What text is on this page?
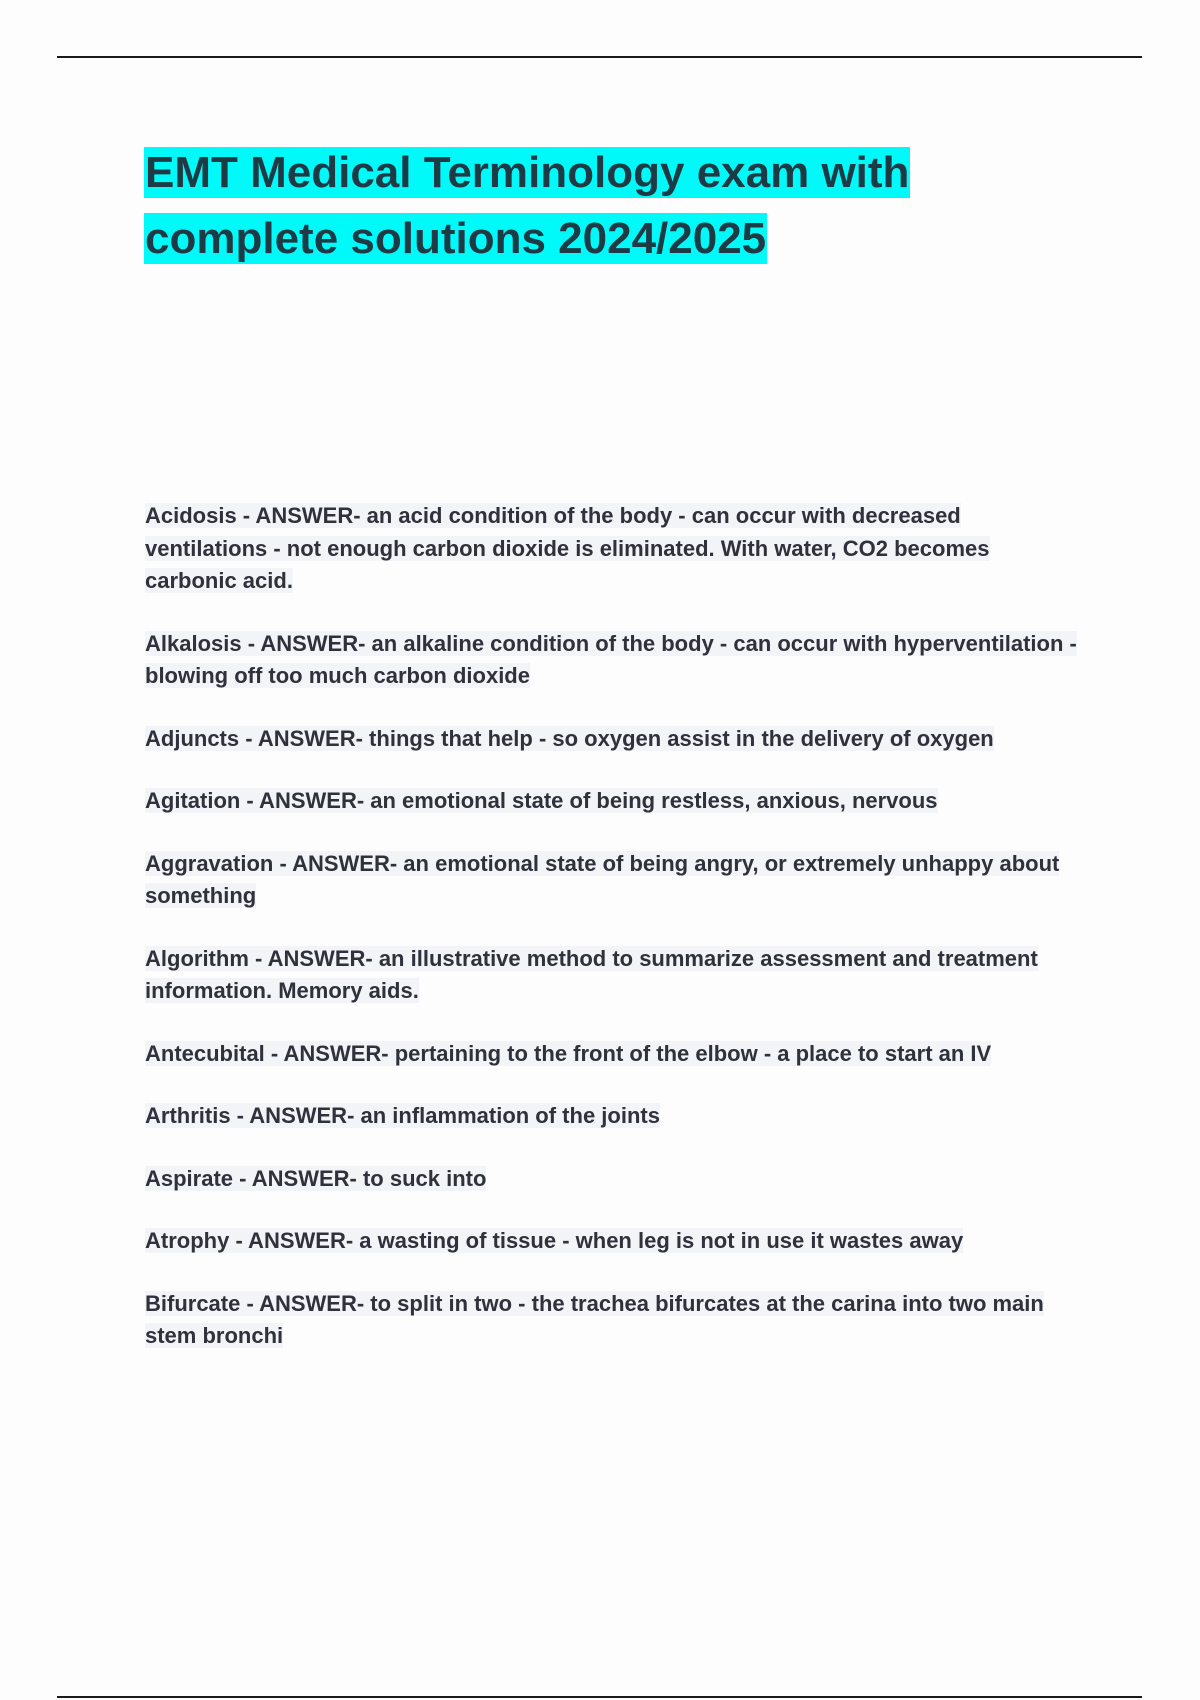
EMT Medical Terminology exam with
complete solutions 2024/2025

Acidosis - ANSWER- an acid condition of the body - can occur with decreased ventilations - not enough carbon dioxide is eliminated. With water, CO2 becomes carbonic acid.

Alkalosis - ANSWER- an alkaline condition of the body - can occur with hyperventilation - blowing off too much carbon dioxide

Adjuncts - ANSWER- things that help - so oxygen assist in the delivery of oxygen

Agitation - ANSWER- an emotional state of being restless, anxious, nervous

Aggravation - ANSWER- an emotional state of being angry, or extremely unhappy about something

Algorithm - ANSWER- an illustrative method to summarize assessment and treatment information. Memory aids.

Antecubital - ANSWER- pertaining to the front of the elbow - a place to start an IV

Arthritis - ANSWER- an inflammation of the joints

Aspirate - ANSWER- to suck into

Atrophy - ANSWER- a wasting of tissue - when leg is not in use it wastes away

Bifurcate - ANSWER- to split in two - the trachea bifurcates at the carina into two main stem bronchi
